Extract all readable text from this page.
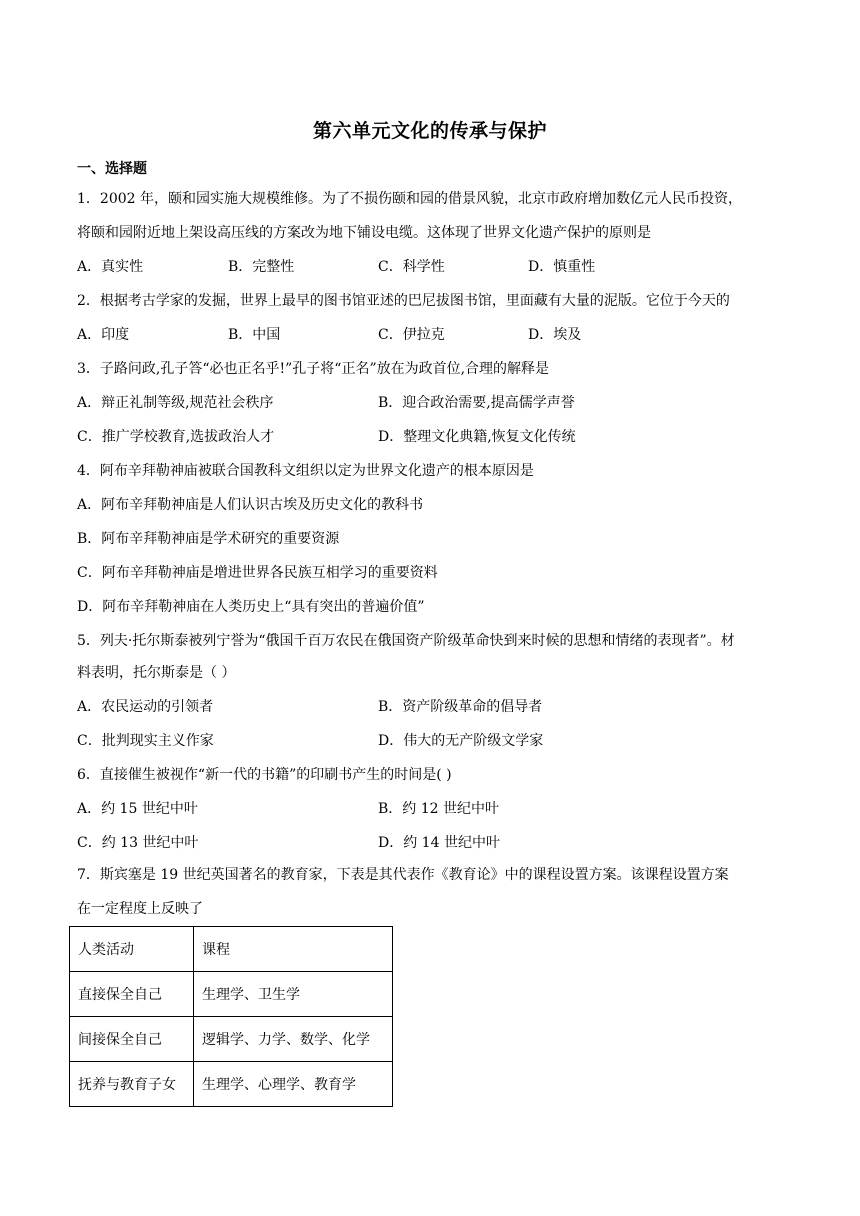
第六单元文化的传承与保护
一、选择题
1．2002 年，颐和园实施大规模维修。为了不损伤颐和园的借景风貌，北京市政府增加数亿元人民币投资，
将颐和园附近地上架设高压线的方案改为地下铺设电缆。这体现了世界文化遗产保护的原则是
A．真实性	B．完整性	C．科学性	D．慎重性
2．根据考古学家的发掘，世界上最早的图书馆亚述的巴尼拔图书馆，里面藏有大量的泥版。它位于今天的
A．印度	B．中国	C．伊拉克	D．埃及
3．子路问政,孔子答“必也正名乎!”孔子将“正名”放在为政首位,合理的解释是
A．辩正礼制等级,规范社会秩序	B．迎合政治需要,提高儒学声誉
C．推广学校教育,选拔政治人才	D．整理文化典籍,恢复文化传统
4．阿布辛拜勒神庙被联合国教科文组织以定为世界文化遗产的根本原因是
A．阿布辛拜勒神庙是人们认识古埃及历史文化的教科书
B．阿布辛拜勒神庙是学术研究的重要资源
C．阿布辛拜勒神庙是增进世界各民族互相学习的重要资料
D．阿布辛拜勒神庙在人类历史上“具有突出的普遍价值”
5．列夫·托尔斯泰被列宁誉为“俄国千百万农民在俄国资产阶级革命快到来时候的思想和情绪的表现者”。材
料表明，托尔斯泰是（ ）
A．农民运动的引领者	B．资产阶级革命的倡导者
C．批判现实主义作家	D．伟大的无产阶级文学家
6．直接催生被视作“新一代的书籍”的印刷书产生的时间是( )
A．约 15 世纪中叶	B．约 12 世纪中叶
C．约 13 世纪中叶	D．约 14 世纪中叶
7．斯宾塞是 19 世纪英国著名的教育家，下表是其代表作《教育论》中的课程设置方案。该课程设置方案
在一定程度上反映了
人类活动	课程
直接保全自己	生理学、卫生学
间接保全自己	逻辑学、力学、数学、化学
抚养与教育子女	生理学、心理学、教育学
